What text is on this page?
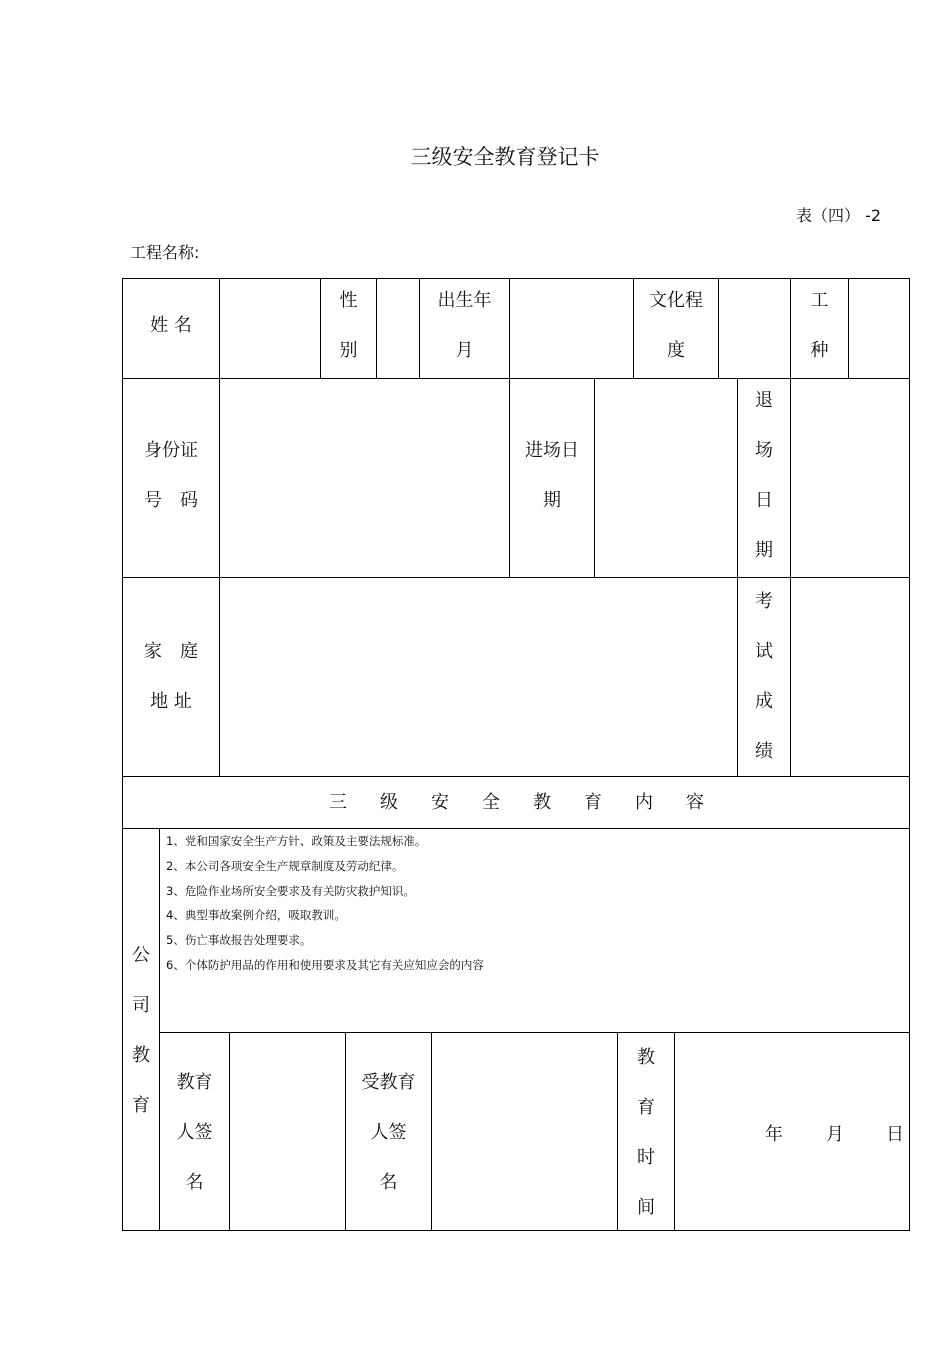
三级安全教育登记卡
表（四） -2
工程名称:
姓 名
性
别
出生年
月
文化程
度
工
种
身份证
号　码
进场日
期
退
场
日
期
家　庭
地 址
考
试
成
绩
三 级 安 全 教 育 内 容
公
司
教
育
1、党和国家安全生产方针、政策及主要法规标准。
2、本公司各项安全生产规章制度及劳动纪律。
3、危险作业场所安全要求及有关防灾救护知识。
4、典型事故案例介绍，吸取教训。
5、伤亡事故报告处理要求。
6、个体防护用品的作用和使用要求及其它有关应知应会的内容
教育
人签
名
受教育
人签
名
教
育
时
间
年 月 日
